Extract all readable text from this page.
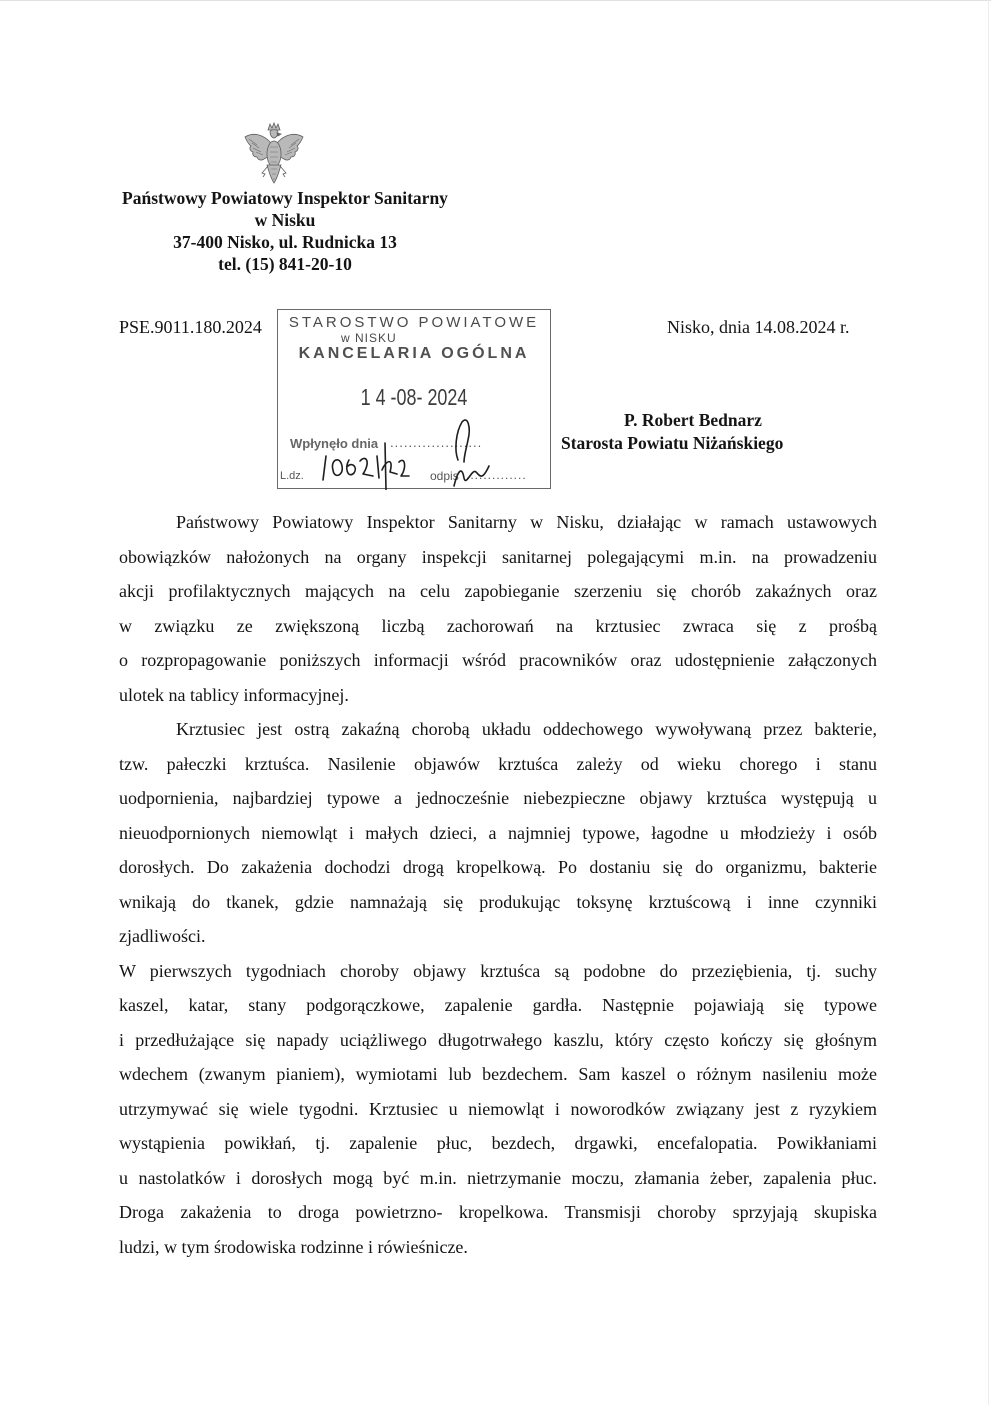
Państwowy Powiatowy Inspektor Sanitarny
w Nisku
37-400 Nisko, ul. Rudnicka 13
tel. (15) 841-20-10
PSE.9011.180.2024	Nisko, dnia 14.08.2024 r.
STAROSTWO POWIATOWE
w NISKU
KANCELARIA OGÓLNA
1 4 -08- 2024
Wpłynęło dnia ....................
L.dz.	odpis ..............
P. Robert Bednarz
Starosta Powiatu Niżańskiego
Państwowy Powiatowy Inspektor Sanitarny w Nisku, działając w ramach ustawowych
obowiązków nałożonych na organy inspekcji sanitarnej polegającymi m.in. na prowadzeniu
akcji profilaktycznych mających na celu zapobieganie szerzeniu się chorób zakaźnych oraz
w związku ze zwiększoną liczbą zachorowań na krztusiec zwraca się z prośbą
o rozpropagowanie poniższych informacji wśród pracowników oraz udostępnienie załączonych
ulotek na tablicy informacyjnej.
Krztusiec jest ostrą zakaźną chorobą układu oddechowego wywoływaną przez bakterie,
tzw. pałeczki krztuśca. Nasilenie objawów krztuśca zależy od wieku chorego i stanu
uodpornienia, najbardziej typowe a jednocześnie niebezpieczne objawy krztuśca występują u
nieuodpornionych niemowląt i małych dzieci, a najmniej typowe, łagodne u młodzieży i osób
dorosłych. Do zakażenia dochodzi drogą kropelkową. Po dostaniu się do organizmu, bakterie
wnikają do tkanek, gdzie namnażają się produkując toksynę krztuścową i inne czynniki
zjadliwości.
W pierwszych tygodniach choroby objawy krztuśca są podobne do przeziębienia, tj. suchy
kaszel, katar, stany podgorączkowe, zapalenie gardła. Następnie pojawiają się typowe
i przedłużające się napady uciążliwego długotrwałego kaszlu, który często kończy się głośnym
wdechem (zwanym pianiem), wymiotami lub bezdechem. Sam kaszel o różnym nasileniu może
utrzymywać się wiele tygodni. Krztusiec u niemowląt i noworodków związany jest z ryzykiem
wystąpienia powikłań, tj. zapalenie płuc, bezdech, drgawki, encefalopatia. Powikłaniami
u nastolatków i dorosłych mogą być m.in. nietrzymanie moczu, złamania żeber, zapalenia płuc.
Droga zakażenia to droga powietrzno- kropelkowa. Transmisji choroby sprzyjają skupiska
ludzi, w tym środowiska rodzinne i rówieśnicze.
